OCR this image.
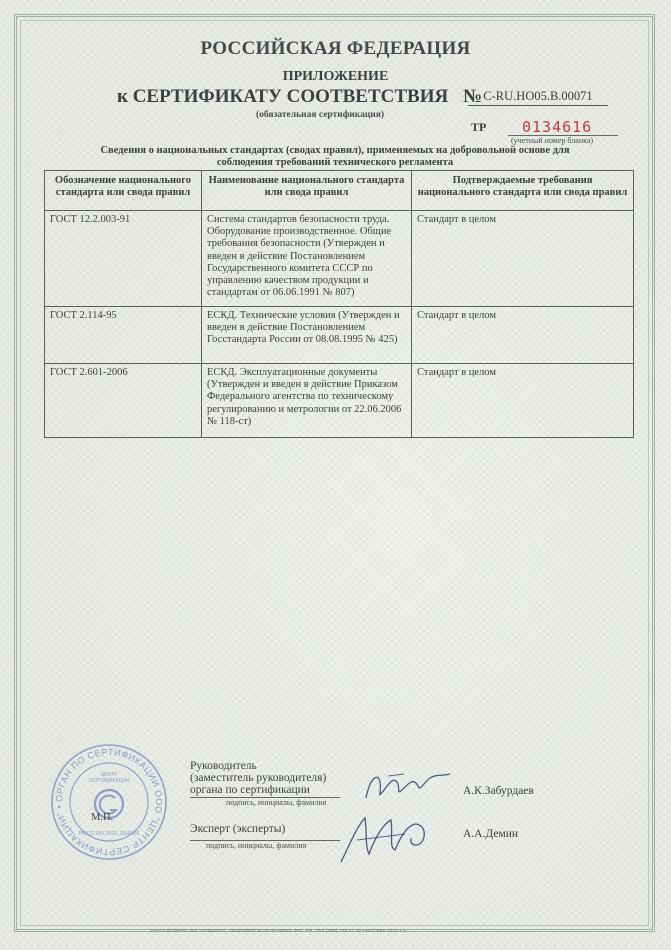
РОССИЙСКАЯ ФЕДЕРАЦИЯ
ПРИЛОЖЕНИЕ
к СЕРТИФИКАТУ СООТВЕТСТВИЯ № C-RU.HO05.B.00071
(обязательная сертификация)
ТР 0134616
(учетный номер бланка)
Сведения о национальных стандартах (сводах правил), применяемых на добровольной основе для соблюдения требований технического регламента
Обозначение национального стандарта или свода правил	Наименование национального стандарта или свода правил	Подтверждаемые требования национального стандарта или свода правил
ГОСТ 12.2.003-91	Система стандартов безопасности труда. Оборудование производственное. Общие требования безопасности (Утвержден и введен в действие Постановлением Государственного комитета СССР по управлению качеством продукции и стандартам от 06.06.1991 № 807)	Стандарт в целом
ГОСТ 2.114-95	ЕСКД. Технические условия (Утвержден и введен в действие Постановлением Госстандарта России от 08.08.1995 № 425)	Стандарт в целом
ГОСТ 2.601-2006	ЕСКД. Эксплуатационные документы (Утвержден и введен в действие Приказом Федерального агентства по техническому регулированию и метрологии от 22.06.2006 № 118-ст)	Стандарт в целом
ОРГАН ПО СЕРТИФИКАЦИИ ООО "ЦЕНТР СЕРТИФИКАЦИИ" •
ЦЕНТР
СЕРТИФИКАЦИИ
РОСС RU.0001.11НО05
М.П.
Руководитель
(заместитель руководителя)
органа по сертификации
подпись, инициалы, фамилия
А.К.Забурдаев
Эксперт (эксперты)
подпись, инициалы, фамилия
А.А.Демин
ЗАКАЗ ВОЗВРАТ 000 «ОПЦИОН», ЛИЦЕНЗИЯ № 05-05-09/003 ФНС РФ, ТЕЛ.(495) 726 47 42 • МОСКВА 2012 • А
